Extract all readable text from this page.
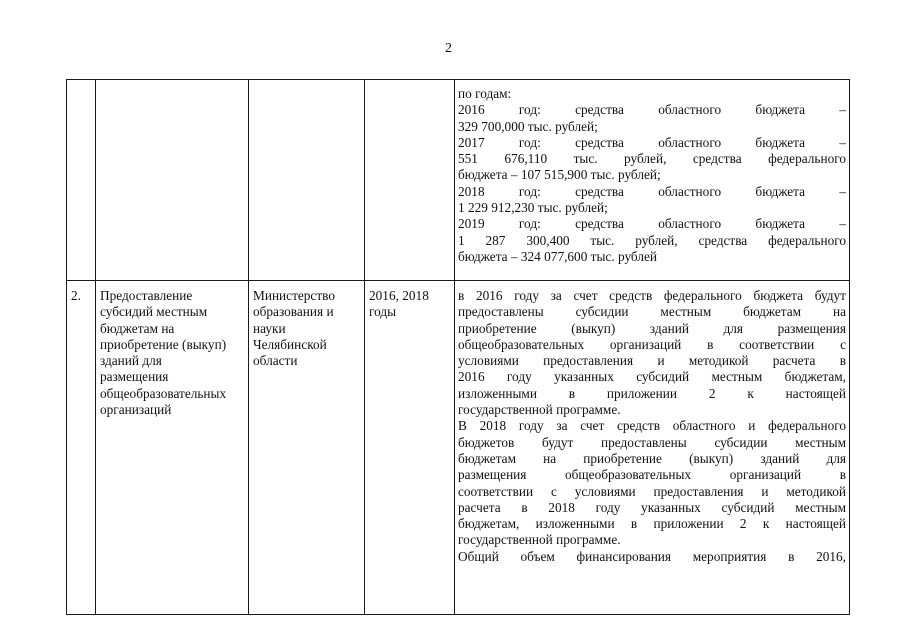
2
по годам:
2016 год: средства областного бюджета –
329 700,000 тыс. рублей;
2017 год: средства областного бюджета –
551 676,110 тыс. рублей, средства федерального
бюджета – 107 515,900 тыс. рублей;
2018 год: средства областного бюджета –
1 229 912,230 тыс. рублей;
2019 год: средства областного бюджета –
1 287 300,400 тыс. рублей, средства федерального
бюджета – 324 077,600 тыс. рублей
2. Предоставление
субсидий местным
бюджетам на
приобретение (выкуп)
зданий для
размещения
общеобразовательных
организаций
Министерство
образования и
науки
Челябинской
области
2016, 2018
годы
в 2016 году за счет средств федерального бюджета будут
предоставлены субсидии местным бюджетам на
приобретение (выкуп) зданий для размещения
общеобразовательных организаций в соответствии с
условиями предоставления и методикой расчета в
2016 году указанных субсидий местным бюджетам,
изложенными в приложении 2 к настоящей
государственной программе.
В 2018 году за счет средств областного и федерального
бюджетов будут предоставлены субсидии местным
бюджетам на приобретение (выкуп) зданий для
размещения общеобразовательных организаций в
соответствии с условиями предоставления и методикой
расчета в 2018 году указанных субсидий местным
бюджетам, изложенными в приложении 2 к настоящей
государственной программе.
Общий объем финансирования мероприятия в 2016,
